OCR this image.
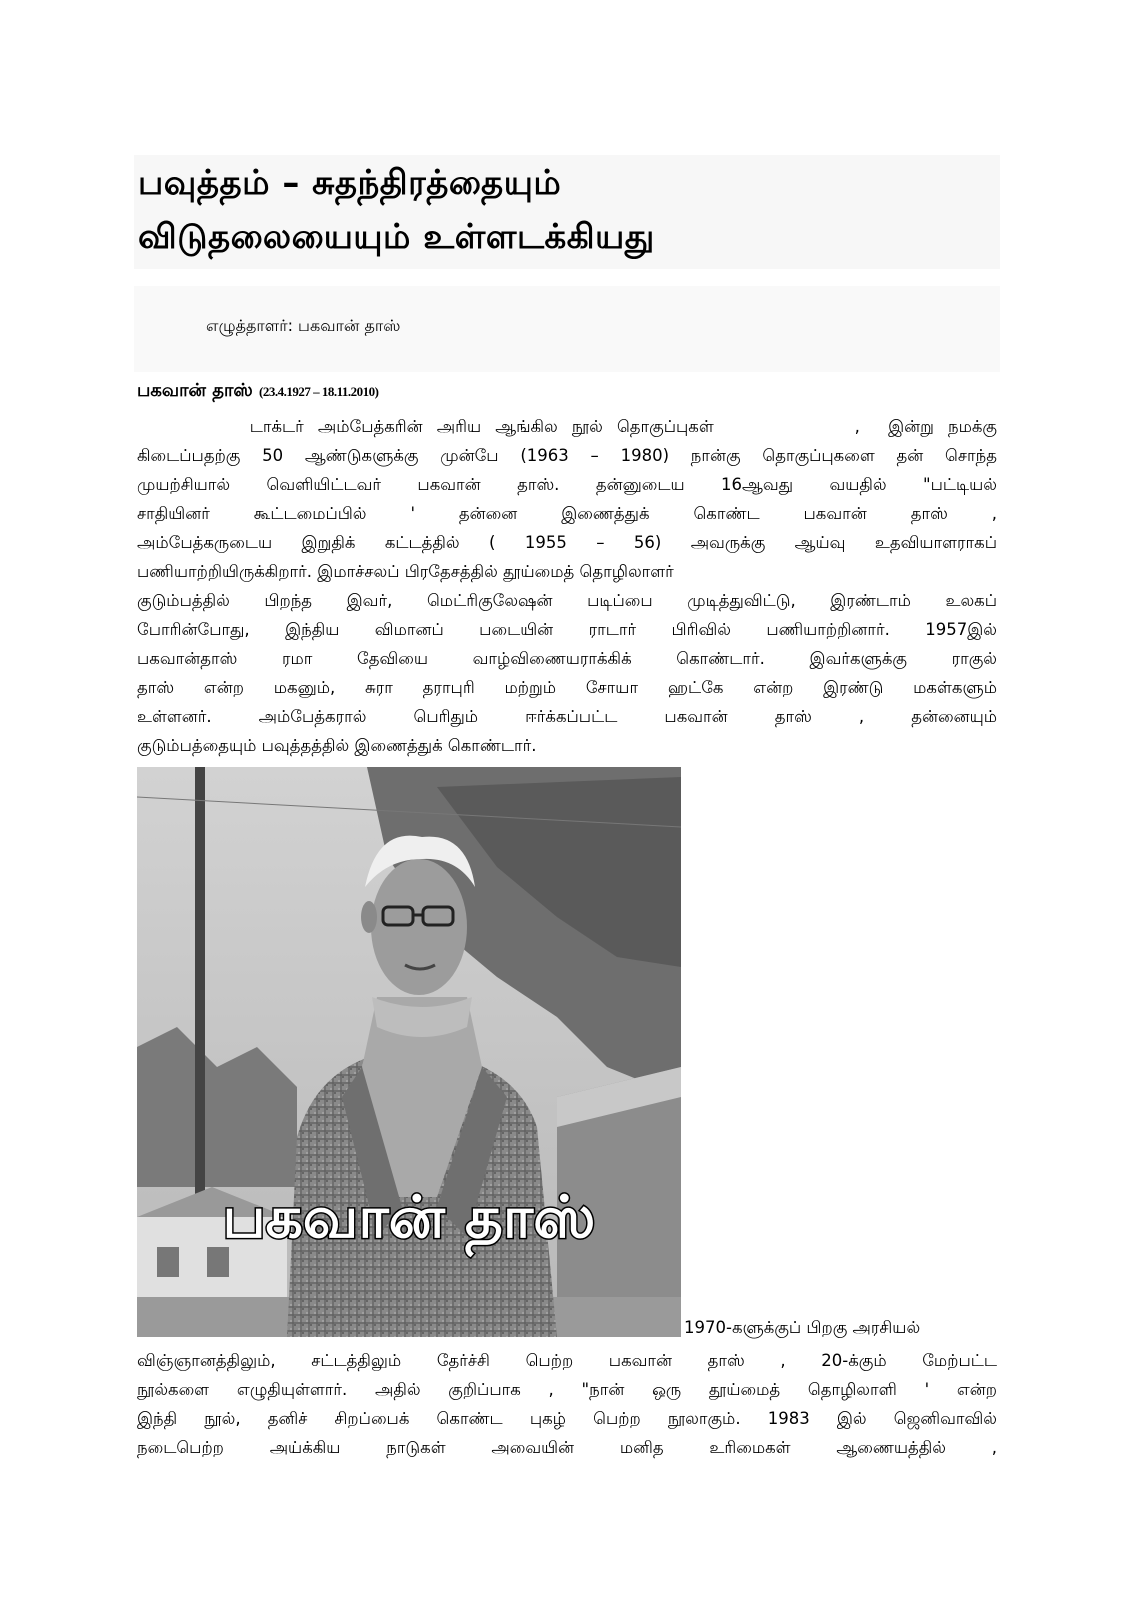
பவுத்தம் – சுதந்திரத்தையும்
விடுதலையையும் உள்ளடக்கியது
எழுத்தாளர்: பகவான் தாஸ்
பகவான் தாஸ் (23.4.1927 – 18.11.2010)
டாக்டர் அம்பேத்கரின் அரிய ஆங்கில நூல் தொகுப்புகள்          ,  இன்று நமக்கு
கிடைப்பதற்கு 50 ஆண்டுகளுக்கு முன்பே (1963 – 1980) நான்கு தொகுப்புகளை தன் சொந்த
முயற்சியால் வெளியிட்டவர் பகவான் தாஸ். தன்னுடைய 16ஆவது வயதில் "பட்டியல்
சாதியினர் கூட்டமைப்பில் ' தன்னை இணைத்துக் கொண்ட பகவான் தாஸ் ,
அம்பேத்கருடைய இறுதிக் கட்டத்தில் ( 1955 – 56) அவருக்கு ஆய்வு உதவியாளராகப்
பணியாற்றியிருக்கிறார். இமாச்சலப் பிரதேசத்தில் தூய்மைத் தொழிலாளர்
குடும்பத்தில் பிறந்த இவர், மெட்ரிகுலேஷன் படிப்பை முடித்துவிட்டு, இரண்டாம் உலகப்
போரின்போது, இந்திய விமானப் படையின் ராடார் பிரிவில் பணியாற்றினார். 1957இல்
பகவான்தாஸ் ரமா தேவியை வாழ்விணையராக்கிக் கொண்டார். இவர்களுக்கு ராகுல்
தாஸ் என்ற மகனும், சுரா தராபுரி மற்றும் சோயா ஹட்கே என்ற இரண்டு மகள்களும்
உள்ளனர். அம்பேத்கரால் பெரிதும் ஈர்க்கப்பட்ட பகவான் தாஸ் , தன்னையும்
குடும்பத்தையும் பவுத்தத்தில் இணைத்துக் கொண்டார்.
பகவான் தாஸ்
1970-களுக்குப் பிறகு அரசியல்
விஞ்ஞானத்திலும், சட்டத்திலும் தேர்ச்சி பெற்ற பகவான் தாஸ் , 20-க்கும் மேற்பட்ட
நூல்களை எழுதியுள்ளார். அதில் குறிப்பாக , "நான் ஒரு தூய்மைத் தொழிலாளி ' என்ற
இந்தி நூல், தனிச் சிறப்பைக் கொண்ட புகழ் பெற்ற நூலாகும். 1983 இல் ஜெனிவாவில்
நடைபெற்ற அய்க்கிய நாடுகள் அவையின் மனித உரிமைகள் ஆணையத்தில் ,
